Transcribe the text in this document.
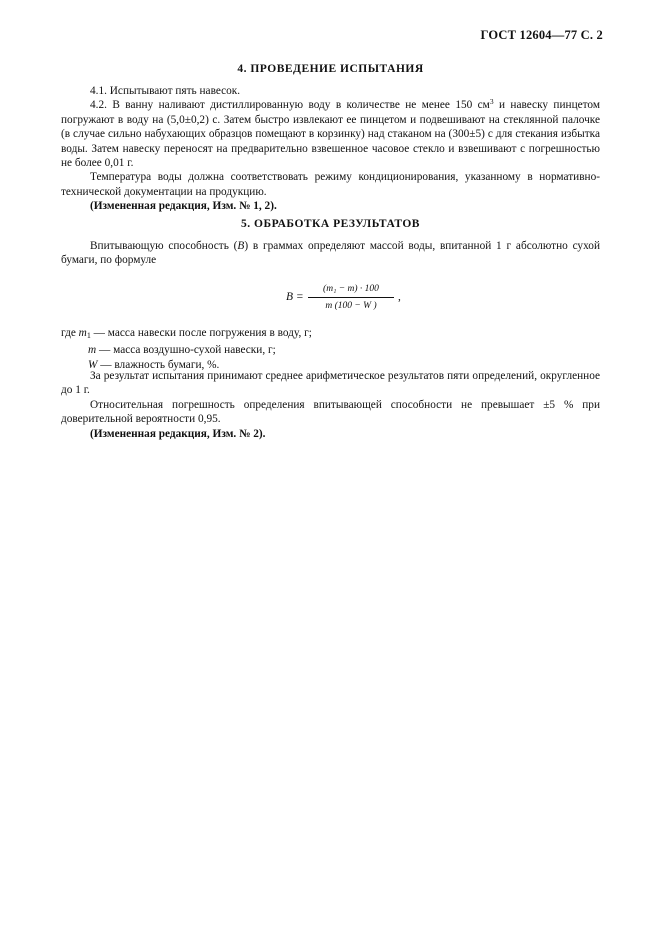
ГОСТ 12604—77 С. 2
4. ПРОВЕДЕНИЕ ИСПЫТАНИЯ

4.1. Испытывают пять навесок.

4.2. В ванну наливают дистиллированную воду в количестве не менее 150 $см^3$ и навеску пинцетом погружают в воду на (5,0±0,2) с. Затем быстро извлекают ее пинцетом и подвешивают на стеклянной палочке (в случае сильно набухающих образцов помещают в корзинку) над стаканом на (300±5) с для стекания избытка воды. Затем навеску переносят на предварительно взвешенное часовое стекло и взвешивают с погрешностью не более 0,01 г.

Температура воды должна соответствовать режиму кондиционирования, указанному в нормативно-технической документации на продукцию.

(Измененная редакция, Изм. № 1, 2).

5. ОБРАБОТКА РЕЗУЛЬТАТОВ

Впитывающую способность (B) в граммах определяют массой воды, впитанной 1 г абсолютно сухой бумаги, по формуле

B =
(m₁ − m) · 100
m (100 − W )
,
где $m_1$ — масса навески после погружения в воду, г;
m — масса воздушно-сухой навески, г;
W — влажность бумаги, %.

За результат испытания принимают среднее арифметическое результатов пяти определений, округленное до 1 г.

Относительная погрешность определения впитывающей способности не превышает ±5 % при доверительной вероятности 0,95.

(Измененная редакция, Изм. № 2).
